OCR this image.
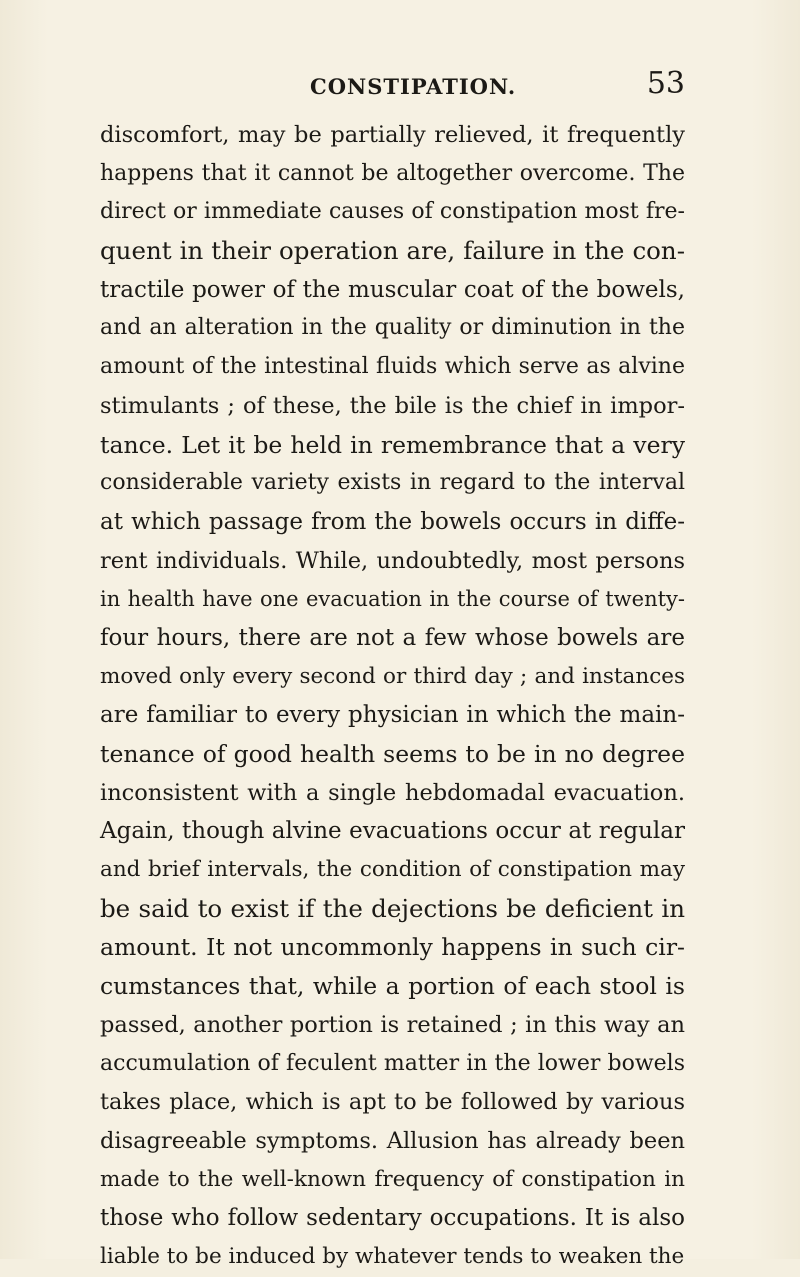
CONSTIPATION.	53
discomfort, may be partially relieved, it frequently
happens that it cannot be altogether overcome. The
direct or immediate causes of constipation most fre-
quent in their operation are, failure in the con-
tractile power of the muscular coat of the bowels,
and an alteration in the quality or diminution in the
amount of the intestinal fluids which serve as alvine
stimulants ; of these, the bile is the chief in impor-
tance. Let it be held in remembrance that a very
considerable variety exists in regard to the interval
at which passage from the bowels occurs in diffe-
rent individuals. While, undoubtedly, most persons
in health have one evacuation in the course of twenty-
four hours, there are not a few whose bowels are
moved only every second or third day ; and instances
are familiar to every physician in which the main-
tenance of good health seems to be in no degree
inconsistent with a single hebdomadal evacuation.
Again, though alvine evacuations occur at regular
and brief intervals, the condition of constipation may
be said to exist if the dejections be deficient in
amount. It not uncommonly happens in such cir-
cumstances that, while a portion of each stool is
passed, another portion is retained ; in this way an
accumulation of feculent matter in the lower bowels
takes place, which is apt to be followed by various
disagreeable symptoms. Allusion has already been
made to the well-known frequency of constipation in
those who follow sedentary occupations. It is also
liable to be induced by whatever tends to weaken the
